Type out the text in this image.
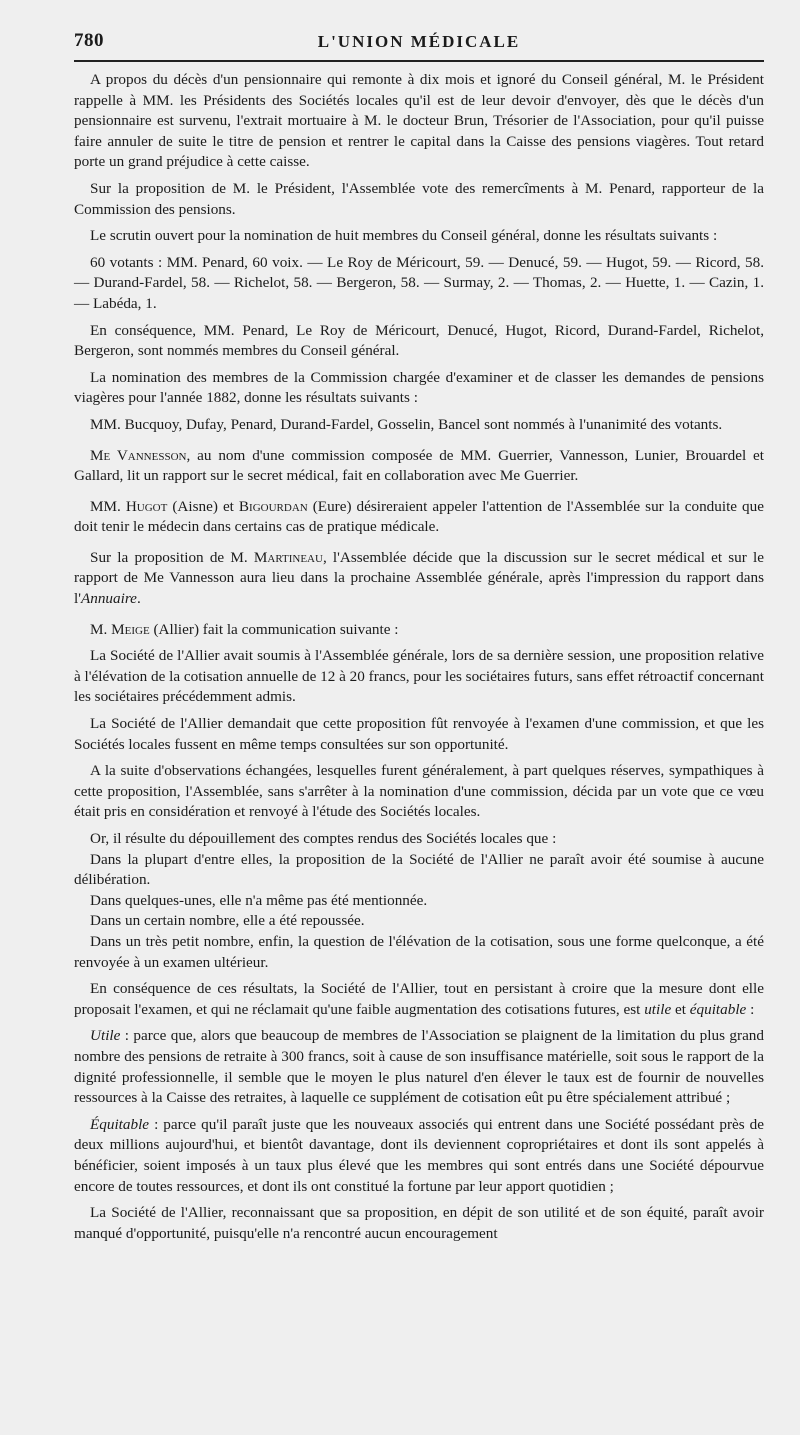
780	L'UNION MÉDICALE

A propos du décès d'un pensionnaire qui remonte à dix mois et ignoré du Conseil général, M. le Président rappelle à MM. les Présidents des Sociétés locales qu'il est de leur devoir d'envoyer, dès que le décès d'un pensionnaire est survenu, l'extrait mortuaire à M. le docteur Brun, Trésorier de l'Association, pour qu'il puisse faire annuler de suite le titre de pension et rentrer le capital dans la Caisse des pensions viagères. Tout retard porte un grand préjudice à cette caisse.

Sur la proposition de M. le Président, l'Assemblée vote des remercîments à M. Penard, rapporteur de la Commission des pensions.

Le scrutin ouvert pour la nomination de huit membres du Conseil général, donne les résultats suivants :

60 votants : MM. Penard, 60 voix. — Le Roy de Méricourt, 59. — Denucé, 59. — Hugot, 59. — Ricord, 58. — Durand-Fardel, 58. — Richelot, 58. — Bergeron, 58. — Surmay, 2. — Thomas, 2. — Huette, 1. — Cazin, 1. — Labéda, 1.

En conséquence, MM. Penard, Le Roy de Méricourt, Denucé, Hugot, Ricord, Durand-Fardel, Richelot, Bergeron, sont nommés membres du Conseil général.

La nomination des membres de la Commission chargée d'examiner et de classer les demandes de pensions viagères pour l'année 1882, donne les résultats suivants :

MM. Bucquoy, Dufay, Penard, Durand-Fardel, Gosselin, Bancel sont nommés à l'unanimité des votants.

Me Vannesson, au nom d'une commission composée de MM. Guerrier, Vannesson, Lunier, Brouardel et Gallard, lit un rapport sur le secret médical, fait en collaboration avec Me Guerrier.

MM. Hugot (Aisne) et Bigourdan (Eure) désireraient appeler l'attention de l'Assemblée sur la conduite que doit tenir le médecin dans certains cas de pratique médicale.

Sur la proposition de M. Martineau, l'Assemblée décide que la discussion sur le secret médical et sur le rapport de Me Vannesson aura lieu dans la prochaine Assemblée générale, après l'impression du rapport dans l'Annuaire.

M. Meige (Allier) fait la communication suivante :

La Société de l'Allier avait soumis à l'Assemblée générale, lors de sa dernière session, une proposition relative à l'élévation de la cotisation annuelle de 12 à 20 francs, pour les sociétaires futurs, sans effet rétroactif concernant les sociétaires précédemment admis.

La Société de l'Allier demandait que cette proposition fût renvoyée à l'examen d'une commission, et que les Sociétés locales fussent en même temps consultées sur son opportunité.

A la suite d'observations échangées, lesquelles furent généralement, à part quelques réserves, sympathiques à cette proposition, l'Assemblée, sans s'arrêter à la nomination d'une commission, décida par un vote que ce vœu était pris en considération et renvoyé à l'étude des Sociétés locales.

Or, il résulte du dépouillement des comptes rendus des Sociétés locales que :

Dans la plupart d'entre elles, la proposition de la Société de l'Allier ne paraît avoir été soumise à aucune délibération.

Dans quelques-unes, elle n'a même pas été mentionnée.

Dans un certain nombre, elle a été repoussée.

Dans un très petit nombre, enfin, la question de l'élévation de la cotisation, sous une forme quelconque, a été renvoyée à un examen ultérieur.

En conséquence de ces résultats, la Société de l'Allier, tout en persistant à croire que la mesure dont elle proposait l'examen, et qui ne réclamait qu'une faible augmentation des cotisations futures, est utile et équitable :

Utile : parce que, alors que beaucoup de membres de l'Association se plaignent de la limitation du plus grand nombre des pensions de retraite à 300 francs, soit à cause de son insuffisance matérielle, soit sous le rapport de la dignité professionnelle, il semble que le moyen le plus naturel d'en élever le taux est de fournir de nouvelles ressources à la Caisse des retraites, à laquelle ce supplément de cotisation eût pu être spécialement attribué ;

Équitable : parce qu'il paraît juste que les nouveaux associés qui entrent dans une Société possédant près de deux millions aujourd'hui, et bientôt davantage, dont ils deviennent copropriétaires et dont ils sont appelés à bénéficier, soient imposés à un taux plus élevé que les membres qui sont entrés dans une Société dépourvue encore de toutes ressources, et dont ils ont constitué la fortune par leur apport quotidien ;

La Société de l'Allier, reconnaissant que sa proposition, en dépit de son utilité et de son équité, paraît avoir manqué d'opportunité, puisqu'elle n'a rencontré aucun encouragement
